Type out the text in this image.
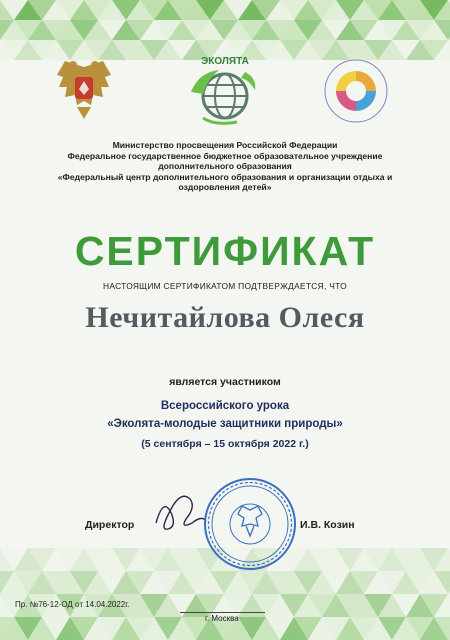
ЭКОЛЯТА
Министерство просвещения Российской Федерации
Федеральное государственное бюджетное образовательное учреждение
дополнительного образования
«Федеральный центр дополнительного образования и организации отдыха и
оздоровления детей»
СЕРТИФИКАТ
НАСТОЯЩИМ СЕРТИФИКАТОМ ПОДТВЕРЖДАЕТСЯ, ЧТО
Нечитайлова Олеся
является участником
Всероссийского урока
«Эколята-молодые защитники природы»
(5 сентября – 15 октября 2022 г.)
Директор	И.В. Козин
Пр. №76-12-ОД от 14.04.2022г.
г. Москва
